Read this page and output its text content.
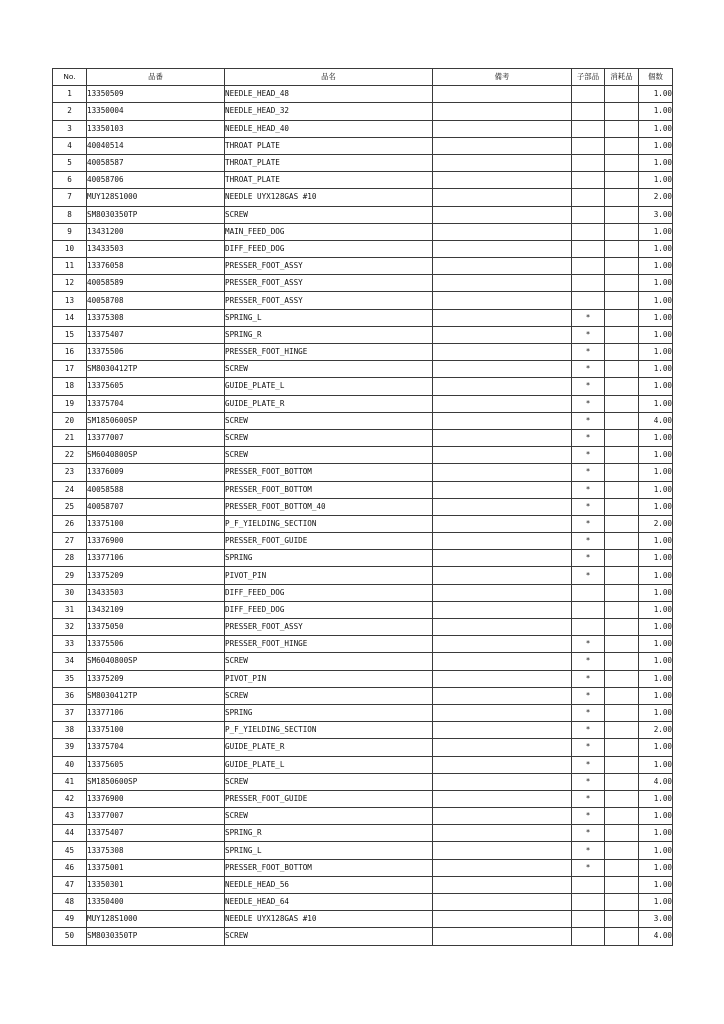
No.	品番	品名	備考	子部品	消耗品	個数
1	13350509	NEEDLE_HEAD_48				1.00
2	13350004	NEEDLE_HEAD_32				1.00
3	13350103	NEEDLE_HEAD_40				1.00
4	40040514	THROAT PLATE				1.00
5	40058587	THROAT_PLATE				1.00
6	40058706	THROAT_PLATE				1.00
7	MUY128S1000	NEEDLE UYX128GAS #10				2.00
8	SM8030350TP	SCREW				3.00
9	13431200	MAIN_FEED_DOG				1.00
10	13433503	DIFF_FEED_DOG				1.00
11	13376058	PRESSER_FOOT_ASSY				1.00
12	40058589	PRESSER_FOOT_ASSY				1.00
13	40058708	PRESSER_FOOT_ASSY				1.00
14	13375308	SPRING_L		*		1.00
15	13375407	SPRING_R		*		1.00
16	13375506	PRESSER_FOOT_HINGE		*		1.00
17	SM8030412TP	SCREW		*		1.00
18	13375605	GUIDE_PLATE_L		*		1.00
19	13375704	GUIDE_PLATE_R		*		1.00
20	SM1850600SP	SCREW		*		4.00
21	13377007	SCREW		*		1.00
22	SM6040800SP	SCREW		*		1.00
23	13376009	PRESSER_FOOT_BOTTOM		*		1.00
24	40058588	PRESSER_FOOT_BOTTOM		*		1.00
25	40058707	PRESSER_FOOT_BOTTOM_40		*		1.00
26	13375100	P_F_YIELDING_SECTION		*		2.00
27	13376900	PRESSER_FOOT_GUIDE		*		1.00
28	13377106	SPRING		*		1.00
29	13375209	PIVOT_PIN		*		1.00
30	13433503	DIFF_FEED_DOG				1.00
31	13432109	DIFF_FEED_DOG				1.00
32	13375050	PRESSER_FOOT_ASSY				1.00
33	13375506	PRESSER_FOOT_HINGE		*		1.00
34	SM6040800SP	SCREW		*		1.00
35	13375209	PIVOT_PIN		*		1.00
36	SM8030412TP	SCREW		*		1.00
37	13377106	SPRING		*		1.00
38	13375100	P_F_YIELDING_SECTION		*		2.00
39	13375704	GUIDE_PLATE_R		*		1.00
40	13375605	GUIDE_PLATE_L		*		1.00
41	SM1850600SP	SCREW		*		4.00
42	13376900	PRESSER_FOOT_GUIDE		*		1.00
43	13377007	SCREW		*		1.00
44	13375407	SPRING_R		*		1.00
45	13375308	SPRING_L		*		1.00
46	13375001	PRESSER_FOOT_BOTTOM		*		1.00
47	13350301	NEEDLE_HEAD_56				1.00
48	13350400	NEEDLE_HEAD_64				1.00
49	MUY128S1000	NEEDLE UYX128GAS #10				3.00
50	SM8030350TP	SCREW				4.00
